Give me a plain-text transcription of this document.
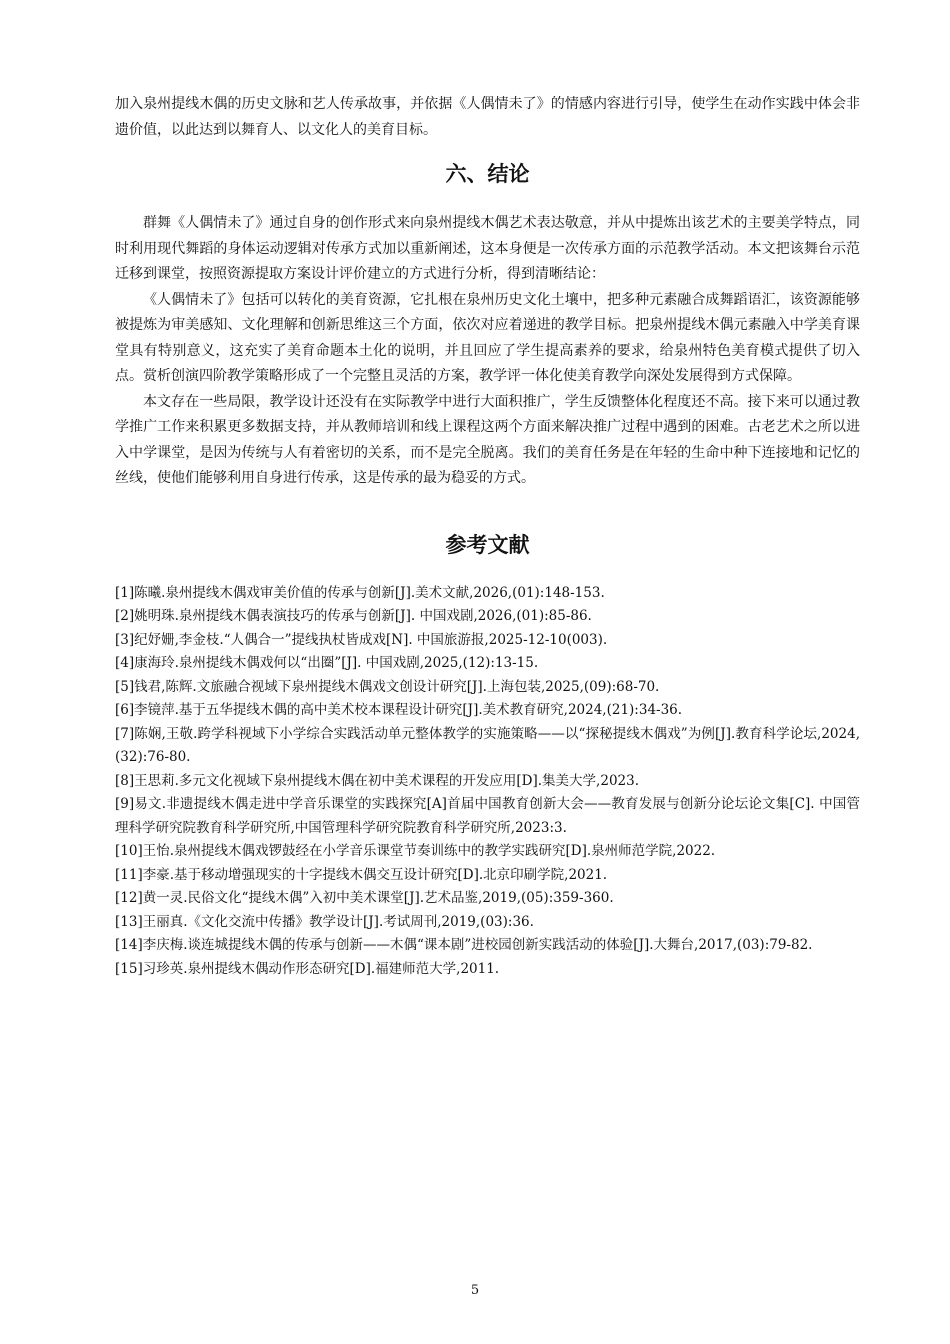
加入泉州提线木偶的历史文脉和艺人传承故事，并依据《人偶情未了》的情感内容进行引导，使学生在动作实践中体会非遗价值，以此达到以舞育人、以文化人的美育目标。

六、结论

群舞《人偶情未了》通过自身的创作形式来向泉州提线木偶艺术表达敬意，并从中提炼出该艺术的主要美学特点，同时利用现代舞蹈的身体运动逻辑对传承方式加以重新阐述，这本身便是一次传承方面的示范教学活动。本文把该舞台示范迁移到课堂，按照资源提取方案设计评价建立的方式进行分析，得到清晰结论：

《人偶情未了》包括可以转化的美育资源，它扎根在泉州历史文化土壤中，把多种元素融合成舞蹈语汇，该资源能够被提炼为审美感知、文化理解和创新思维这三个方面，依次对应着递进的教学目标。把泉州提线木偶元素融入中学美育课堂具有特别意义，这充实了美育命题本土化的说明，并且回应了学生提高素养的要求，给泉州特色美育模式提供了切入点。赏析创演四阶教学策略形成了一个完整且灵活的方案，教学评一体化使美育教学向深处发展得到方式保障。

本文存在一些局限，教学设计还没有在实际教学中进行大面积推广，学生反馈整体化程度还不高。接下来可以通过教学推广工作来积累更多数据支持，并从教师培训和线上课程这两个方面来解决推广过程中遇到的困难。古老艺术之所以进入中学课堂，是因为传统与人有着密切的关系，而不是完全脱离。我们的美育任务是在年轻的生命中种下连接地和记忆的丝线，使他们能够利用自身进行传承，这是传承的最为稳妥的方式。

参考文献

[1]陈曦.泉州提线木偶戏审美价值的传承与创新[J].美术文献,2026,(01):148-153.

[2]姚明珠.泉州提线木偶表演技巧的传承与创新[J]. 中国戏剧,2026,(01):85-86.

[3]纪妤姗,李金枝.“人偶合一”提线执杖皆成戏[N]. 中国旅游报,2025-12-10(003).

[4]康海玲.泉州提线木偶戏何以“出圈”[J]. 中国戏剧,2025,(12):13-15.

[5]钱君,陈辉.文旅融合视域下泉州提线木偶戏文创设计研究[J].上海包装,2025,(09):68-70.

[6]李镜萍.基于五华提线木偶的高中美术校本课程设计研究[J].美术教育研究,2024,(21):34-36.

[7]陈娴,王敬.跨学科视域下小学综合实践活动单元整体教学的实施策略——以“探秘提线木偶戏”为例[J].教育科学论坛,2024,(32):76-80.

[8]王思莉.多元文化视域下泉州提线木偶在初中美术课程的开发应用[D].集美大学,2023.

[9]易文.非遗提线木偶走进中学音乐课堂的实践探究[A]首届中国教育创新大会——教育发展与创新分论坛论文集[C]. 中国管理科学研究院教育科学研究所,中国管理科学研究院教育科学研究所,2023:3.

[10]王怡.泉州提线木偶戏锣鼓经在小学音乐课堂节奏训练中的教学实践研究[D].泉州师范学院,2022.

[11]李豪.基于移动增强现实的十字提线木偶交互设计研究[D].北京印刷学院,2021.

[12]黄一灵.民俗文化“提线木偶”入初中美术课堂[J].艺术品鉴,2019,(05):359-360.

[13]王丽真.《文化交流中传播》教学设计[J].考试周刊,2019,(03):36.

[14]李庆梅.谈连城提线木偶的传承与创新——木偶“课本剧”进校园创新实践活动的体验[J].大舞台,2017,(03):79-82.

[15]习珍英.泉州提线木偶动作形态研究[D].福建师范大学,2011.

5
